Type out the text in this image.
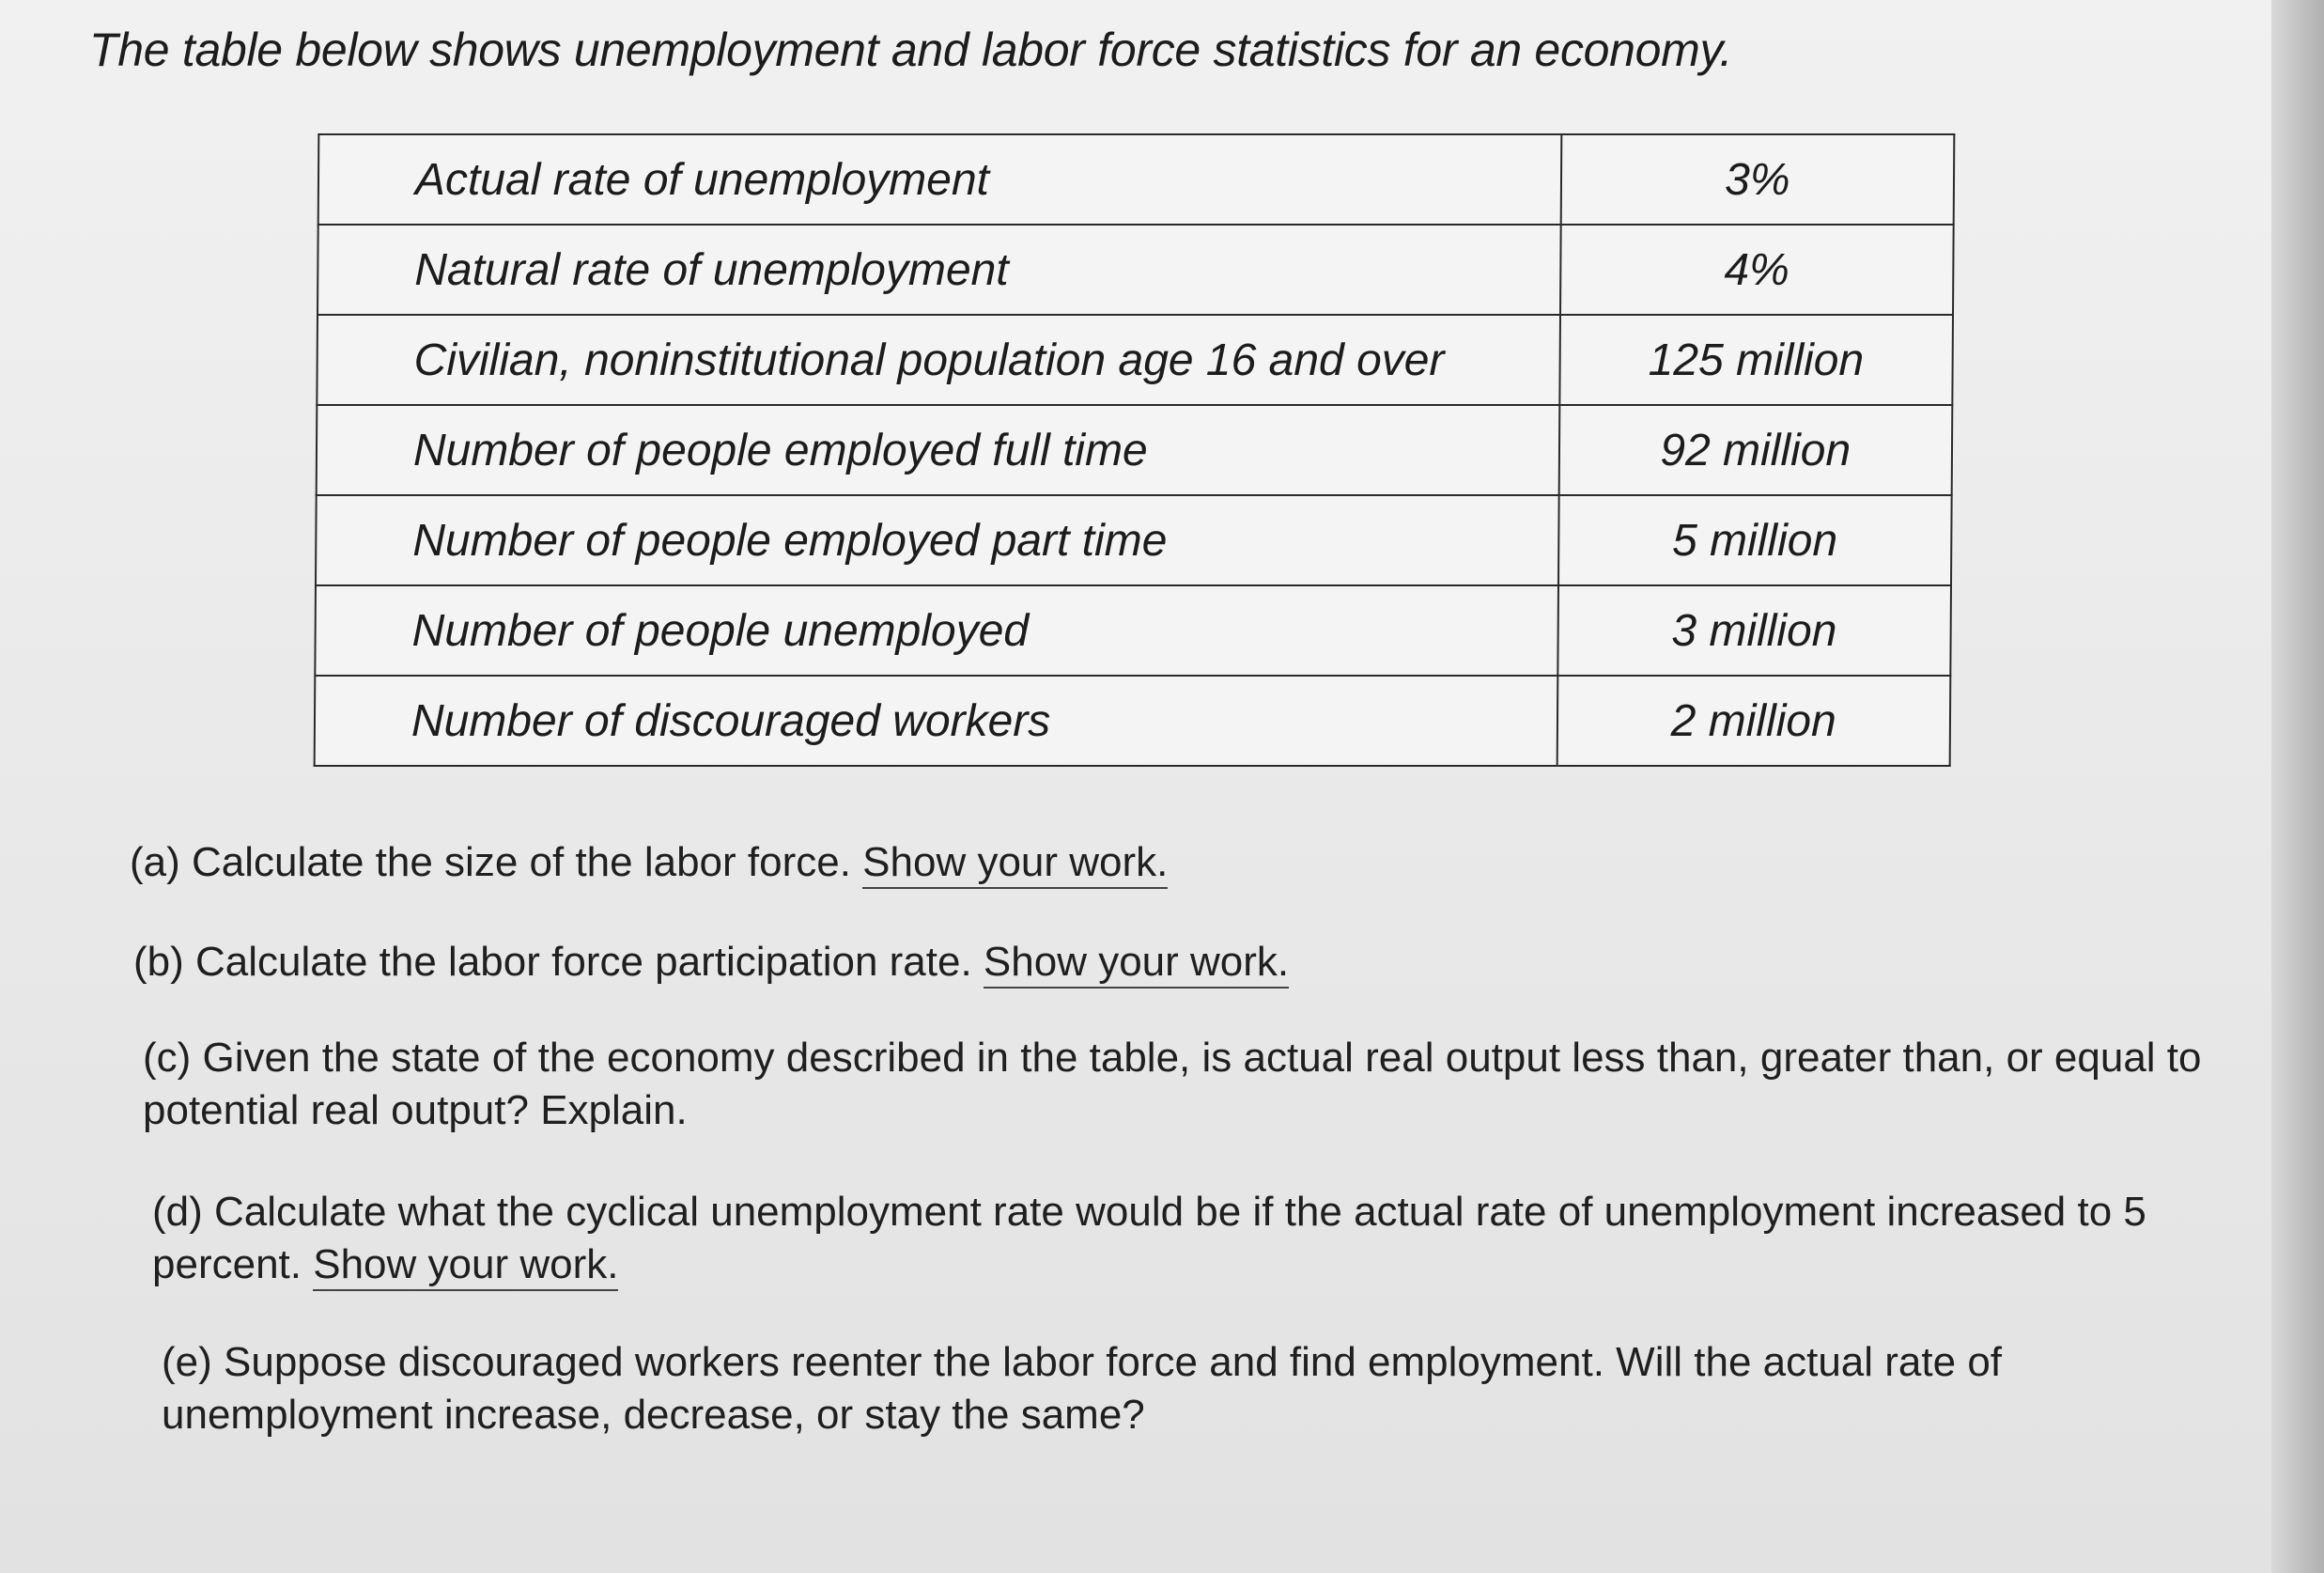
The table below shows unemployment and labor force statistics for an economy.
Actual rate of unemployment	3%
Natural rate of unemployment	4%
Civilian, noninstitutional population age 16 and over	125 million
Number of people employed full time	92 million
Number of people employed part time	5 million
Number of people unemployed	3 million
Number of discouraged workers	2 million
(a) Calculate the size of the labor force. Show your work.
(b) Calculate the labor force participation rate. Show your work.
(c) Given the state of the economy described in the table, is actual real output less than, greater than, or equal to potential real output? Explain.
(d) Calculate what the cyclical unemployment rate would be if the actual rate of unemployment increased to 5 percent. Show your work.
(e) Suppose discouraged workers reenter the labor force and find employment. Will the actual rate of unemployment increase, decrease, or stay the same?
